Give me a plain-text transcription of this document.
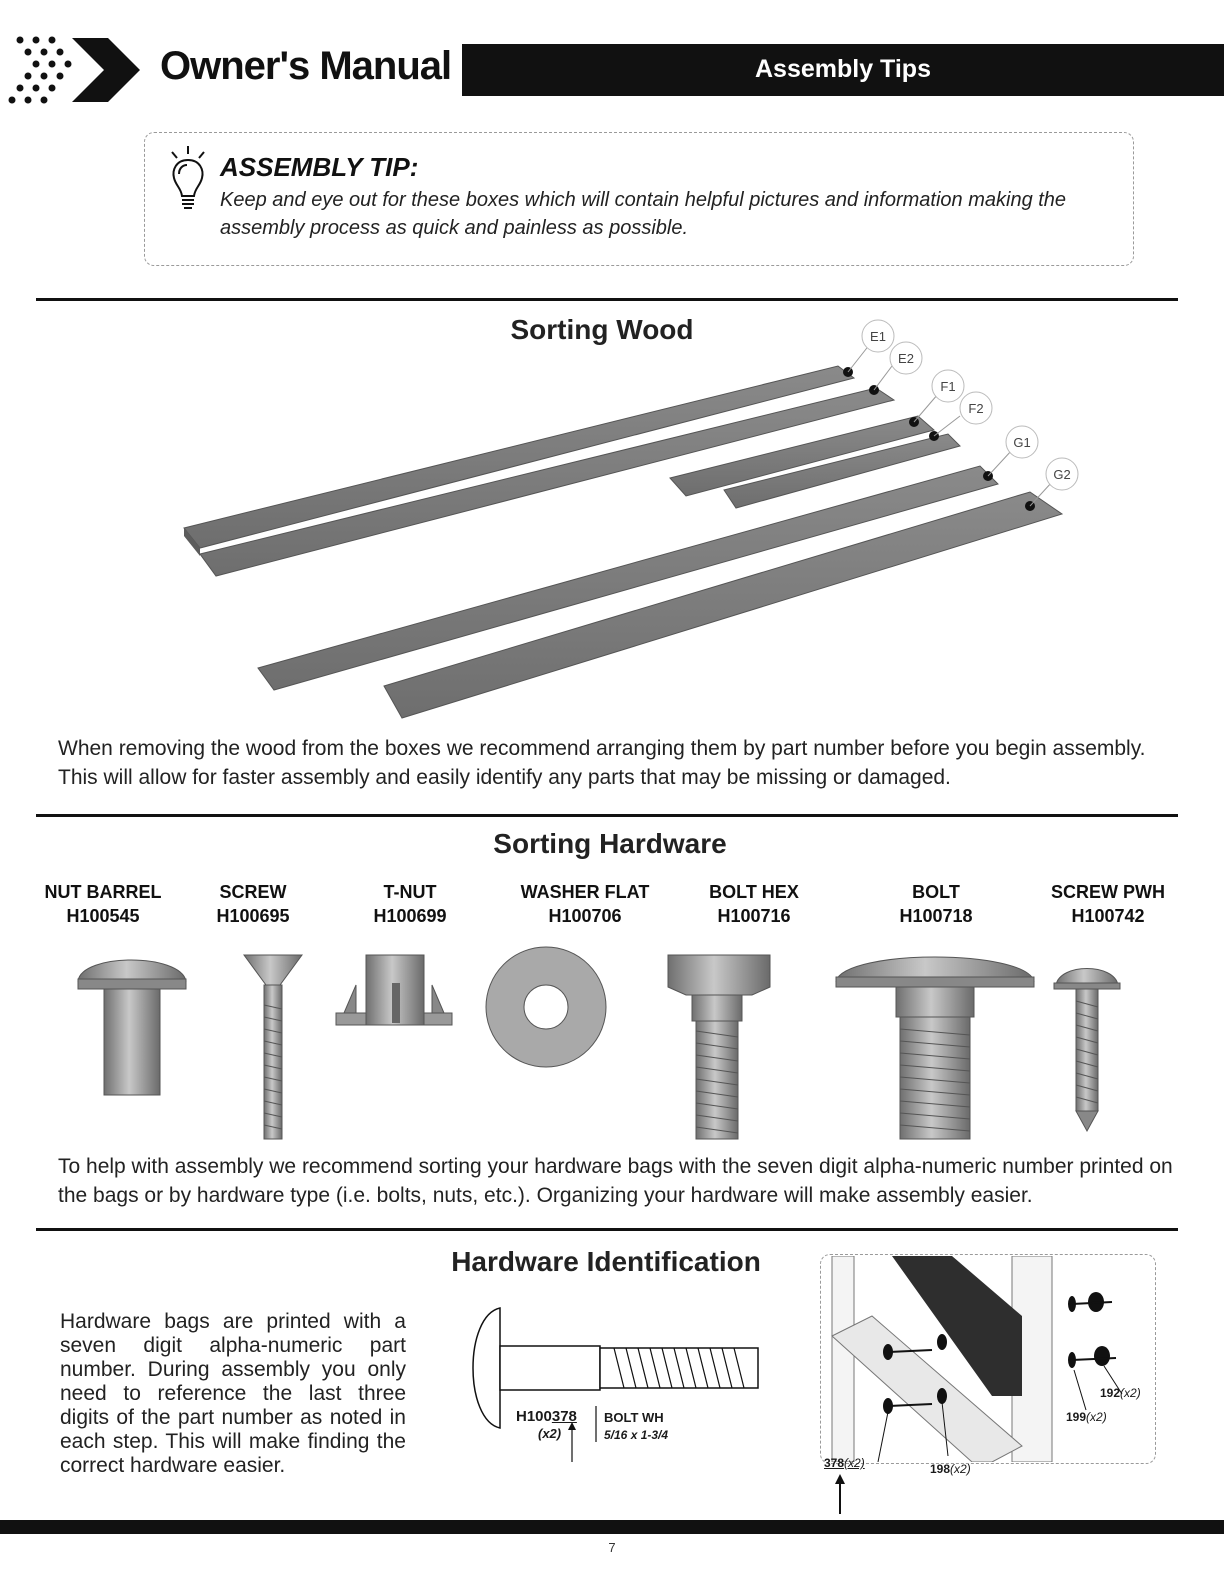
Owner's Manual	Assembly Tips
ASSEMBLY TIP:
Keep and eye out for these boxes which will contain helpful pictures and information making the assembly process as quick and painless as possible.
Sorting Wood	E1
E2
F1
F2
G1
G2
When removing the wood from the boxes we recommend arranging them by part number before you begin assembly. This will allow for faster assembly and easily identify any parts that may be missing or damaged.
Sorting Hardware
NUT BARREL
H100545
SCREW
H100695
T-NUT
H100699
WASHER FLAT
H100706
BOLT HEX
H100716
BOLT
H100718
SCREW PWH
H100742
To help with assembly we recommend sorting your hardware bags with the seven digit alpha-numeric number printed on the bags or by hardware type (i.e. bolts, nuts, etc.). Organizing your hardware will make assembly easier.
Hardware Identification
Hardware bags are printed with a seven digit alpha-numeric part number. During assembly you only need to reference the last three digits of the part number as noted in each step. This will make finding the correct hardware easier.
H100378
(x2)
BOLT WH
5/16 x 1-3/4
192(x2)
199(x2)
378(x2)	198(x2)
7
